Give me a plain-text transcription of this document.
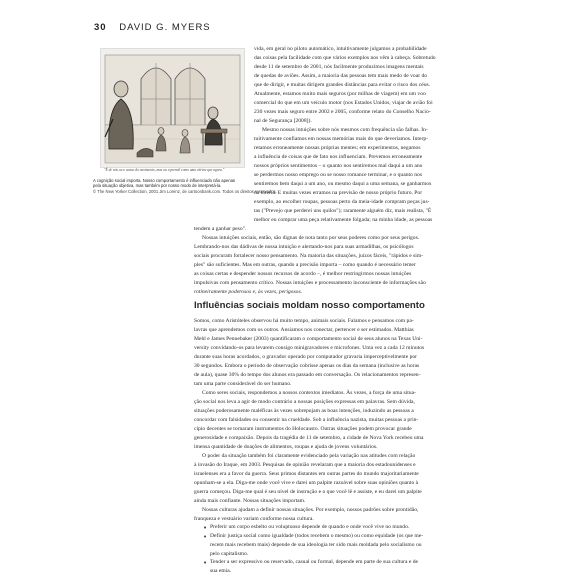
30 DAVID G. MYERS
"É de nós ou o acaso do ouvimento, mas ou a premiê como uma vitrine que agora."
A cognição social importa. Nosso comportamento é influenciado não apenas
pela situação objetiva, mas também por nosso modo de interpretá-la.
© The New Yorker Collection, 2001 Jim Lorenz, de cartoonbank.com. Todos os direitos reservados.
vida, em geral no piloto automático, intuitivamente julgamos a probabilidade
das coisas pela facilidade com que vários exemplos nos vêm à cabeça. Sobretudo
desde 11 de setembro de 2001, nós facilmente produzimos imagens mentais
de quedas de aviões. Assim, a maioria das pessoas tem mais medo de voar do
que de dirigir, e muitas dirigem grandes distâncias para evitar o risco dos céus.
Atualmente, estamos muito mais seguros (por milhas de viagem) em um voo
comercial do que em um veículo motor (nos Estados Unidos, viajar de avião foi
230 vezes mais seguro entre 2002 e 2005, conforme relato do Conselho Nacio-
nal de Segurança [2008]).
Mesmo nossas intuições sobre nós mesmos com frequência são falhas. In-
tuitivamente confiamos em nossas memórias mais do que deveríamos. Interp-
retamos erroneamente nossas próprias mentes; em experimentos, negamos
a influência de coisas que de fato nos influenciam. Prevemos erroneamente
nossos próprios sentimentos – o quanto nos sentiremos mal daqui a um ano
se perdermos nosso emprego ou se nosso romance terminar, e o quanto nos
sentiremos bem daqui a um ano, ou mesmo daqui a uma semana, se ganharmos
na loteria. E muitas vezes erramos na previsão de nosso próprio futuro. Por
exemplo, ao escolher roupas, pessoas perto da meia-idade compram peças jus-
tas ("Prevejo que perderei uns quilos"); raramente alguém diz, mais realista, "É
melhor eu comprar uma peça relativamente folgada; na minha idade, as pessoas
tendem a ganhar peso".
Nossas intuições sociais, então, são dignas de nota tanto por seus poderes como por seus perigos.
Lembrando-nos das dádivas de nossa intuição e alertando-nos para suas armadilhas, os psicólogos
sociais procuram fortalecer nosso pensamento. Na maioria das situações, juízos fáceis, "rápidos e sim-
ples" são suficientes. Mas em outras, quando a precisão importa – como quando é necessário temer
as coisas certas e despender nossos recursos de acordo –, é melhor restringirmos nossas intuições
impulsivas com pensamento crítico. Nossas intuições e processamento inconsciente de informações são
rotineiramente poderosos e, às vezes, perigosos.
Influências sociais moldam nosso comportamento
Somos, como Aristóteles observou há muito tempo, animais sociais. Falamos e pensamos com pa-
lavras que aprendemos com os outros. Ansiamos nos conectar, pertencer e ser estimados. Matthias
Mehl e James Pennebaker (2003) quantificaram o comportamento social de seus alunos na Texas Uni-
versity convidando-os para levarem consigo minigravadores e microfones. Uma vez a cada 12 minutos
durante suas horas acordados, o gravador operado por computador gravaria imperceptivelmente por
30 segundos. Embora o período de observação cobrisse apenas os dias da semana (inclusive as horas
de aula), quase 30% do tempo dos alunos era passado em conversação. Os relacionamentos represen-
tam uma parte considerável do ser humano.
Como seres sociais, respondemos a nossos contextos imediatos. Às vezes, a força de uma situa-
ção social nos leva a agir de modo contrário a nossas posições expressas em palavras. Sem dúvida,
situações poderosamente maléficas às vezes sobrepujam as boas intenções, induzindo as pessoas a
concordar com falsidades ou consentir na crueldade. Sob a influência nazista, muitas pessoas a prin-
cípio decentes se tornaram instrumentos do Holocausto. Outras situações podem provocar grande
generosidade e compaixão. Depois da tragédia de 11 de setembro, a cidade de Nova York recebeu uma
imensa quantidade de doações de alimentos, roupas e ajuda de jovens voluntários.
O poder da situação também foi claramente evidenciado pela variação nas atitudes com relação
à invasão do Iraque, em 2003. Pesquisas de opinião revelaram que a maioria dos estadounidenses e
israelenses era a favor da guerra. Seus primos distantes em outras partes do mundo majoritariamente
opunham-se a ela. Diga-me onde você vive e darei um palpite razoável sobre suas opiniões quanto à
guerra começou. Diga-me qual é seu nível de instrução e o que você lê e assiste, e eu darei um palpite
ainda mais confiante. Nossas situações importam.
Nossas culturas ajudam a definir nossas situações. Por exemplo, nossos padrões sobre prontidão,
franqueza e vestuário variam conforme nossa cultura.
• Preferir um corpo esbelto ou voluptuoso depende de quando e onde você vive no mundo.
• Definir justiça social como igualdade (todos recebem o mesmo) ou como equidade (os que me-
recem mais recebem mais) depende de sua ideologia ter sido mais moldada pelo socialismo ou
pelo capitalismo.
• Tender a ser expressivo ou reservado, casual ou formal, depende em parte de sua cultura e de
sua etnia.
